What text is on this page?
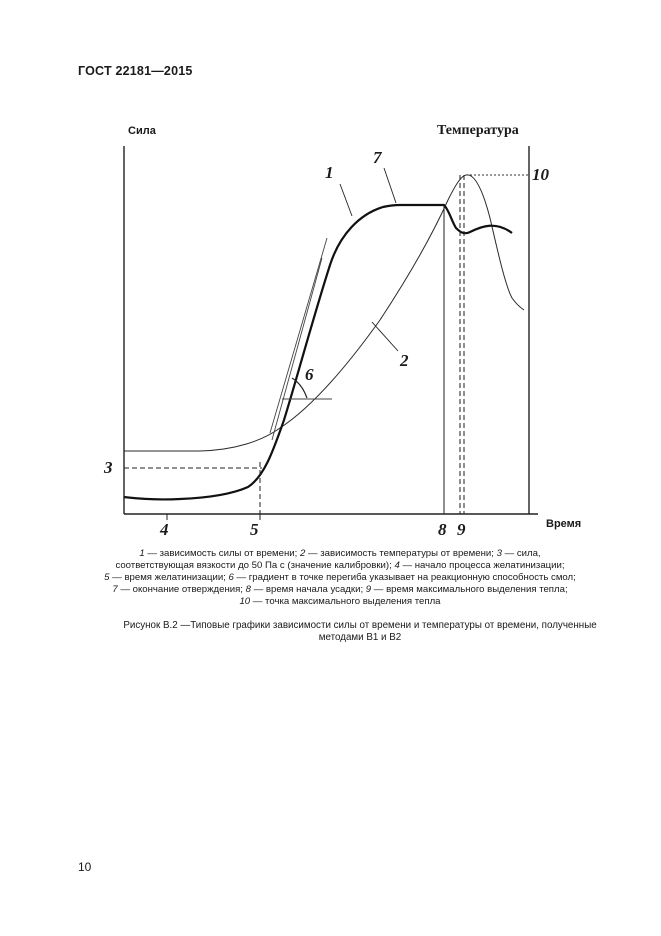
ГОСТ 22181—2015
Сила	Температура
Время
1
7
10
6
2
3
4	5	8 9
1 — зависимость силы от времени; 2 — зависимость температуры от времени; 3 — сила,
соответствующая вязкости до 50 Па с (значение калибровки); 4 — начало процесса желатинизации;
5 — время желатинизации; 6 — градиент в точке перегиба указывает на реакционную способность смол;
7 — окончание отверждения; 8 — время начала усадки; 9 — время максимального выделения тепла;
10 — точка максимального выделения тепла
Рисунок В.2 —Типовые графики зависимости силы от времени и температуры от времени, полученные
методами В1 и В2
10
